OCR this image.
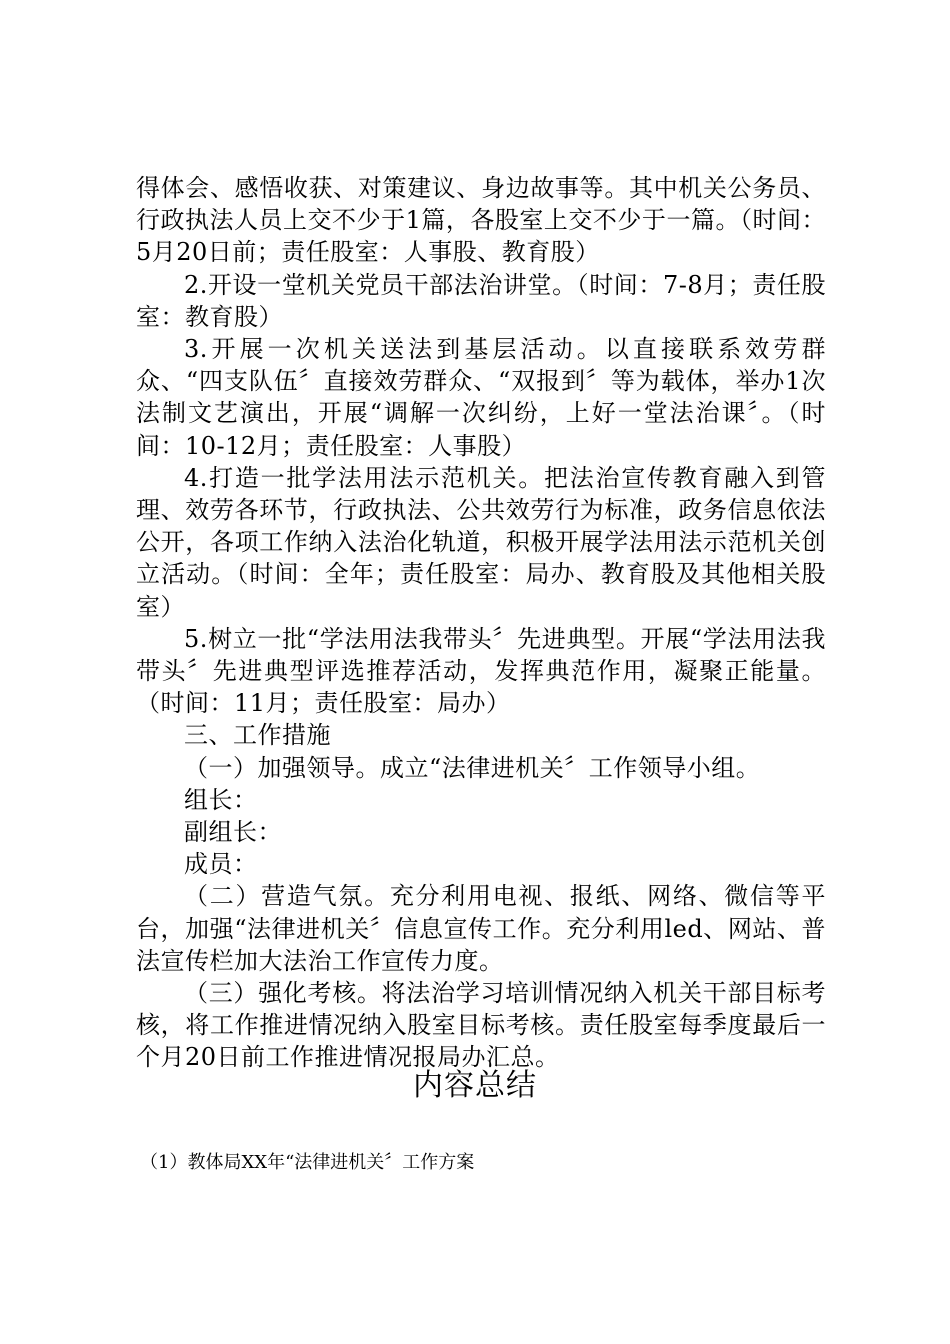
得体会、感悟收获、对策建议、身边故事等。其中机关公务员、行政执法人员上交不少于1篇，各股室上交不少于一篇。（时间：5月20日前；责任股室：人事股、教育股）

2.开设一堂机关党员干部法治讲堂。（时间：7-8月；责任股室：教育股）

3.开展一次机关送法到基层活动。以直接联系效劳群众、“四支队伍〞直接效劳群众、“双报到〞等为载体，举办1次法制文艺演出，开展“调解一次纠纷，上好一堂法治课〞。（时间：10-12月；责任股室：人事股）

4.打造一批学法用法示范机关。把法治宣传教育融入到管理、效劳各环节，行政执法、公共效劳行为标准，政务信息依法公开，各项工作纳入法治化轨道，积极开展学法用法示范机关创立活动。（时间：全年；责任股室：局办、教育股及其他相关股室）

5.树立一批“学法用法我带头〞先进典型。开展“学法用法我带头〞先进典型评选推荐活动，发挥典范作用，凝聚正能量。（时间：11月；责任股室：局办）

三、工作措施

（一）加强领导。成立“法律进机关〞工作领导小组。

组长：

副组长：

成员：

（二）营造气氛。充分利用电视、报纸、网络、微信等平台，加强“法律进机关〞信息宣传工作。充分利用led、网站、普法宣传栏加大法治工作宣传力度。

（三）强化考核。将法治学习培训情况纳入机关干部目标考核，将工作推进情况纳入股室目标考核。责任股室每季度最后一个月20日前工作推进情况报局办汇总。

内容总结
（1）教体局XX年“法律进机关〞工作方案
